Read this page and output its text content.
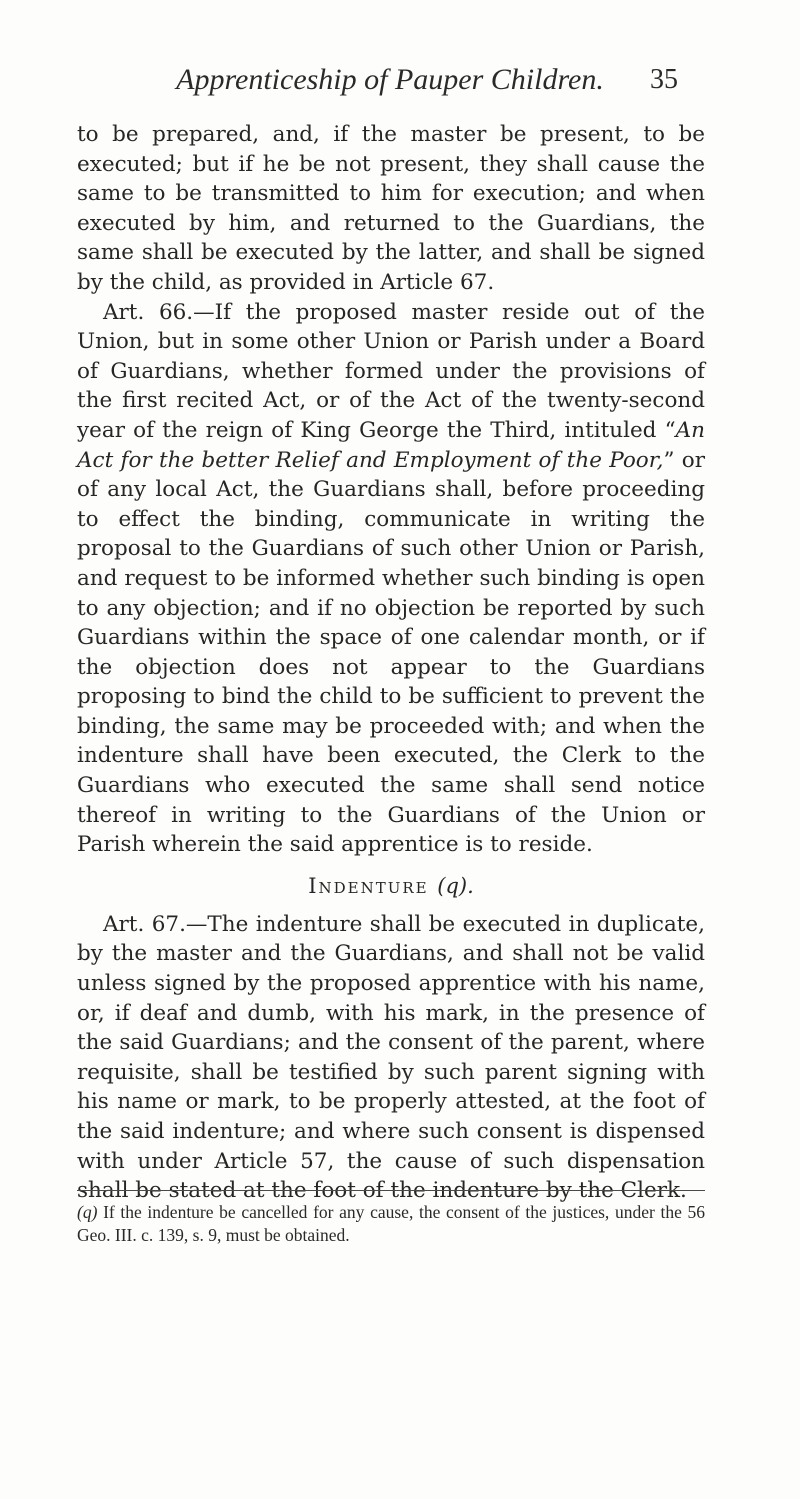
Apprenticeship of Pauper Children. 35

to be prepared, and, if the master be present, to be executed; but if he be not present, they shall cause the same to be transmitted to him for execution; and when executed by him, and returned to the Guardians, the same shall be executed by the latter, and shall be signed by the child, as provided in Article 67.

Art. 66.—If the proposed master reside out of the Union, but in some other Union or Parish under a Board of Guardians, whether formed under the provisions of the first recited Act, or of the Act of the twenty-second year of the reign of King George the Third, intituled “An Act for the better Relief and Employment of the Poor,” or of any local Act, the Guardians shall, before proceeding to effect the binding, communicate in writing the proposal to the Guardians of such other Union or Parish, and request to be informed whether such binding is open to any objection; and if no objection be reported by such Guardians within the space of one calendar month, or if the objection does not appear to the Guardians proposing to bind the child to be sufficient to prevent the binding, the same may be proceeded with; and when the indenture shall have been executed, the Clerk to the Guardians who executed the same shall send notice thereof in writing to the Guardians of the Union or Parish wherein the said apprentice is to reside.

Indenture (q).

Art. 67.—The indenture shall be executed in duplicate, by the master and the Guardians, and shall not be valid unless signed by the proposed apprentice with his name, or, if deaf and dumb, with his mark, in the presence of the said Guardians; and the consent of the parent, where requisite, shall be testified by such parent signing with his name or mark, to be properly attested, at the foot of the said indenture; and where such consent is dispensed with under Article 57, the cause of such dispensation shall be stated at the foot of the indenture by the Clerk.

(q) If the indenture be cancelled for any cause, the consent of the justices, under the 56 Geo. III. c. 139, s. 9, must be obtained.
